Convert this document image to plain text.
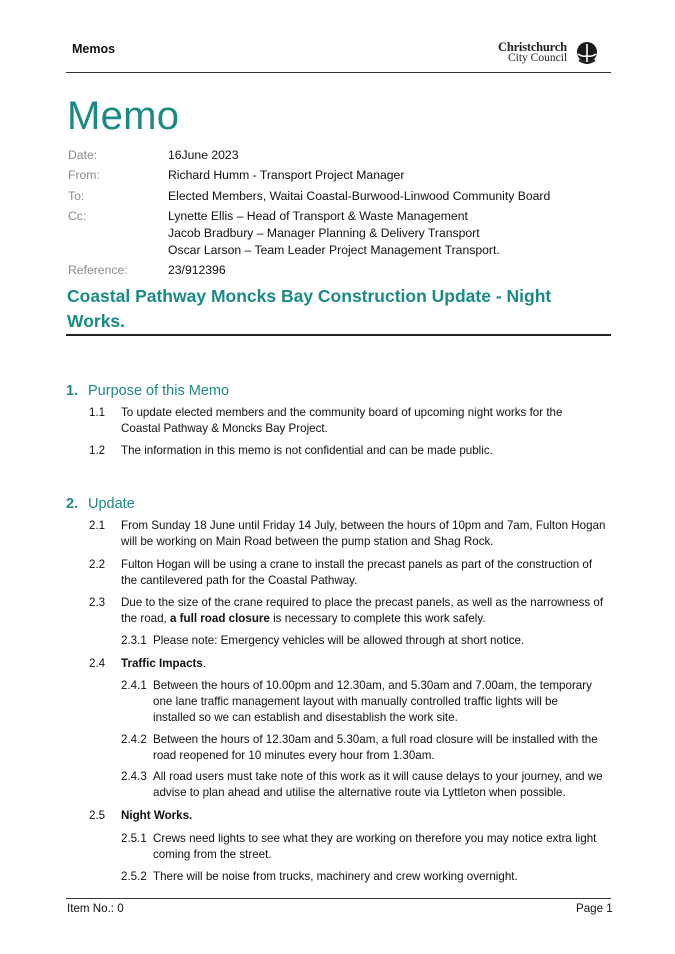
Memos	Christchurch
City Council
Memo
Date:	16June 2023
From:	Richard Humm - Transport Project Manager
To:	Elected Members, Waitai Coastal-Burwood-Linwood Community Board
Cc:	Lynette Ellis – Head of Transport & Waste Management
Jacob Bradbury – Manager Planning & Delivery Transport
Oscar Larson – Team Leader Project Management Transport.
Reference:	23/912396
Coastal Pathway Moncks Bay Construction Update - Night
Works.
1. Purpose of this Memo
1.1 To update elected members and the community board of upcoming night works for the
Coastal Pathway & Moncks Bay Project.
1.2 The information in this memo is not confidential and can be made public.
2. Update
2.1 From Sunday 18 June until Friday 14 July, between the hours of 10pm and 7am, Fulton Hogan
will be working on Main Road between the pump station and Shag Rock.
2.2 Fulton Hogan will be using a crane to install the precast panels as part of the construction of
the cantilevered path for the Coastal Pathway.
2.3 Due to the size of the crane required to place the precast panels, as well as the narrowness of
the road, a full road closure is necessary to complete this work safely.
2.3.1 Please note: Emergency vehicles will be allowed through at short notice.
2.4 Traffic Impacts.
2.4.1 Between the hours of 10.00pm and 12.30am, and 5.30am and 7.00am, the temporary
one lane traffic management layout with manually controlled traffic lights will be
installed so we can establish and disestablish the work site.
2.4.2 Between the hours of 12.30am and 5.30am, a full road closure will be installed with the
road reopened for 10 minutes every hour from 1.30am.
2.4.3 All road users must take note of this work as it will cause delays to your journey, and we
advise to plan ahead and utilise the alternative route via Lyttleton when possible.
2.5 Night Works.
2.5.1 Crews need lights to see what they are working on therefore you may notice extra light
coming from the street.
2.5.2 There will be noise from trucks, machinery and crew working overnight.
Item No.: 0	Page 1
